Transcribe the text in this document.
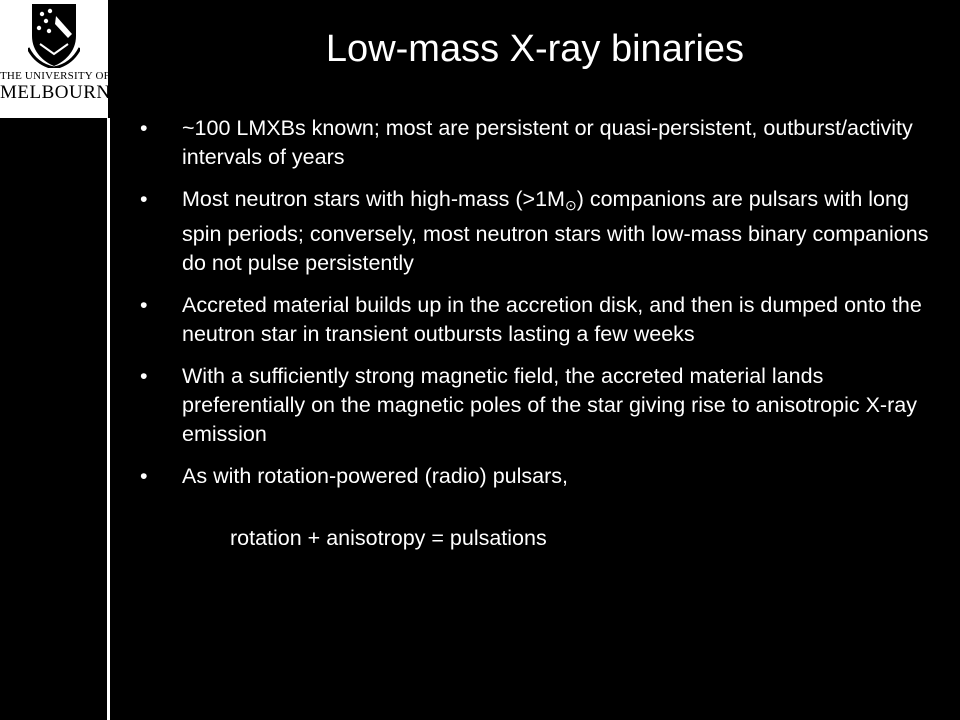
THE UNIVERSITY OF
MELBOURNE
Low-mass X-ray binaries
• ~100 LMXBs known; most are persistent or quasi-persistent, outburst/activity intervals of years
• Most neutron stars with high-mass $(>1M_⊙)$ companions are pulsars with long spin periods; conversely, most neutron stars with low-mass binary companions do not pulse persistently
• Accreted material builds up in the accretion disk, and then is dumped onto the neutron star in transient outbursts lasting a few weeks
• With a sufficiently strong magnetic field, the accreted material lands preferentially on the magnetic poles of the star giving rise to anisotropic X-ray emission
• As with rotation-powered (radio) pulsars,
rotation + anisotropy = pulsations
